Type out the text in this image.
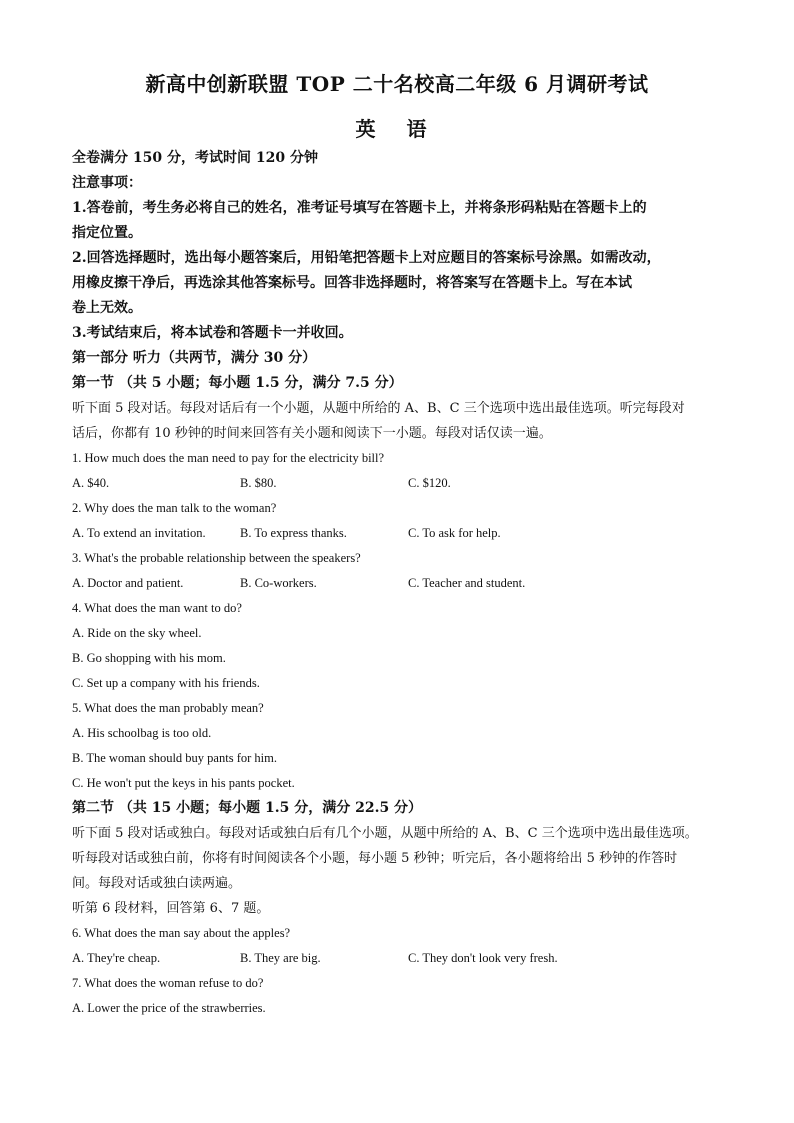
新高中创新联盟 TOP 二十名校高二年级 6 月调研考试
英 语

全卷满分 150 分，考试时间 120 分钟

注意事项：

1.答卷前，考生务必将自己的姓名，准考证号填写在答题卡上，并将条形码粘贴在答题卡上的

指定位置。

2.回答选择题时，选出每小题答案后，用铅笔把答题卡上对应题目的答案标号涂黑。如需改动，

用橡皮擦干净后，再选涂其他答案标号。回答非选择题时，将答案写在答题卡上。写在本试

卷上无效。

3.考试结束后，将本试卷和答题卡一并收回。

第一部分 听力（共两节，满分 30 分）

第一节 （共 5 小题；每小题 1.5 分，满分 7.5 分）

听下面 5 段对话。每段对话后有一个小题，从题中所给的 A、B、C 三个选项中选出最佳选项。听完每段对

话后，你都有 10 秒钟的时间来回答有关小题和阅读下一小题。每段对话仅读一遍。

1. How much does the man need to pay for the electricity bill?

A. $40.	B. $80.	C. $120.

2. Why does the man talk to the woman?

A. To extend an invitation.	B. To express thanks.	C. To ask for help.

3. What's the probable relationship between the speakers?

A. Doctor and patient.	B. Co-workers.	C. Teacher and student.

4. What does the man want to do?

A. Ride on the sky wheel.

B. Go shopping with his mom.

C. Set up a company with his friends.

5. What does the man probably mean?

A. His schoolbag is too old.

B. The woman should buy pants for him.

C. He won't put the keys in his pants pocket.

第二节 （共 15 小题；每小题 1.5 分，满分 22.5 分）

听下面 5 段对话或独白。每段对话或独白后有几个小题，从题中所给的 A、B、C 三个选项中选出最佳选项。

听每段对话或独白前，你将有时间阅读各个小题，每小题 5 秒钟；听完后，各小题将给出 5 秒钟的作答时

间。每段对话或独白读两遍。

听第 6 段材料，回答第 6、7 题。

6. What does the man say about the apples?

A. They're cheap.	B. They are big.	C. They don't look very fresh.

7. What does the woman refuse to do?

A. Lower the price of the strawberries.
